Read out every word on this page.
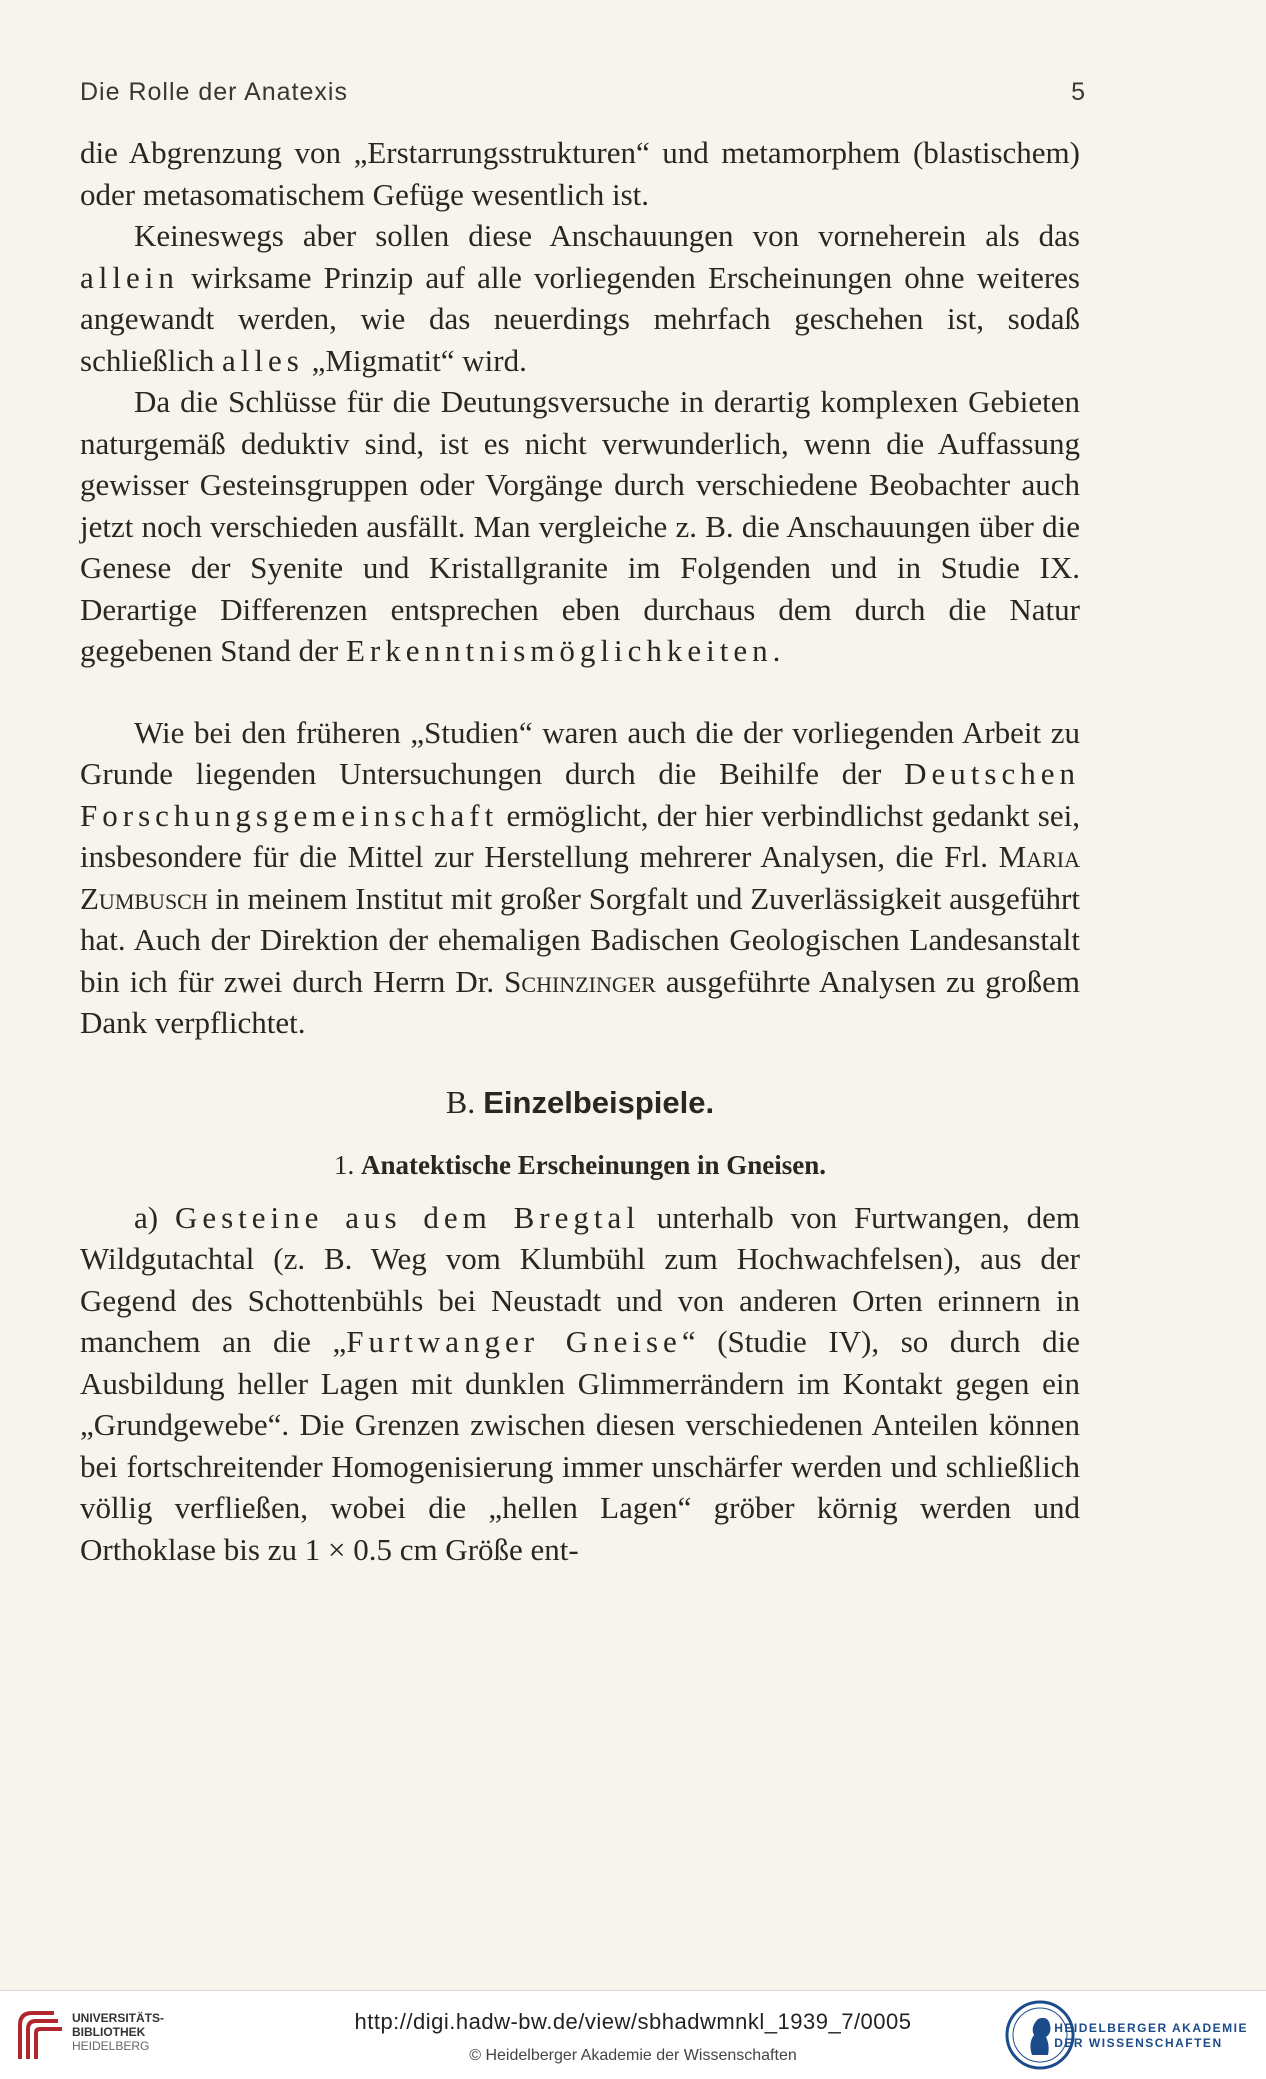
Die Rolle der Anatexis	5

die Abgrenzung von „Erstarrungsstrukturen“ und metamorphem (blastischem) oder metasomatischem Gefüge wesentlich ist.

Keineswegs aber sollen diese Anschauungen von vorneherein als das allein wirksame Prinzip auf alle vorliegenden Erscheinungen ohne weiteres angewandt werden, wie das neuerdings mehrfach geschehen ist, sodaß schließlich alles „Migmatit“ wird.

Da die Schlüsse für die Deutungsversuche in derartig komplexen Gebieten naturgemäß deduktiv sind, ist es nicht verwunderlich, wenn die Auffassung gewisser Gesteinsgruppen oder Vorgänge durch verschiedene Beobachter auch jetzt noch verschieden ausfällt. Man vergleiche z. B. die Anschauungen über die Genese der Syenite und Kristallgranite im Folgenden und in Studie IX. Derartige Differenzen entsprechen eben durchaus dem durch die Natur gegebenen Stand der Erkenntnismöglichkeiten.

Wie bei den früheren „Studien“ waren auch die der vorliegenden Arbeit zu Grunde liegenden Untersuchungen durch die Beihilfe der Deutschen Forschungsgemeinschaft ermöglicht, der hier verbindlichst gedankt sei, insbesondere für die Mittel zur Herstellung mehrerer Analysen, die Frl. Maria Zumbusch in meinem Institut mit großer Sorgfalt und Zuverlässigkeit ausgeführt hat. Auch der Direktion der ehemaligen Badischen Geologischen Landesanstalt bin ich für zwei durch Herrn Dr. Schinzinger ausgeführte Analysen zu großem Dank verpflichtet.

B. Einzelbeispiele.
1. Anatektische Erscheinungen in Gneisen.

a) Gesteine aus dem Bregtal unterhalb von Furtwangen, dem Wildgutachtal (z. B. Weg vom Klumbühl zum Hochwachfelsen), aus der Gegend des Schottenbühls bei Neustadt und von anderen Orten erinnern in manchem an die „Furtwanger Gneise“ (Studie IV), so durch die Ausbildung heller Lagen mit dunklen Glimmerrändern im Kontakt gegen ein „Grundgewebe“. Die Grenzen zwischen diesen verschiedenen Anteilen können bei fortschreitender Homogenisierung immer unschärfer werden und schließlich völlig verfließen, wobei die „hellen Lagen“ gröber körnig werden und Orthoklase bis zu 1 × 0.5 cm Größe ent-

UNIVERSITÄTS-
BIBLIOTHEK
HEIDELBERG
http://digi.hadw-bw.de/view/sbhadwmnkl_1939_7/0005
© Heidelberger Akademie der Wissenschaften
HEIDELBERGER AKADEMIE
DER WISSENSCHAFTEN
